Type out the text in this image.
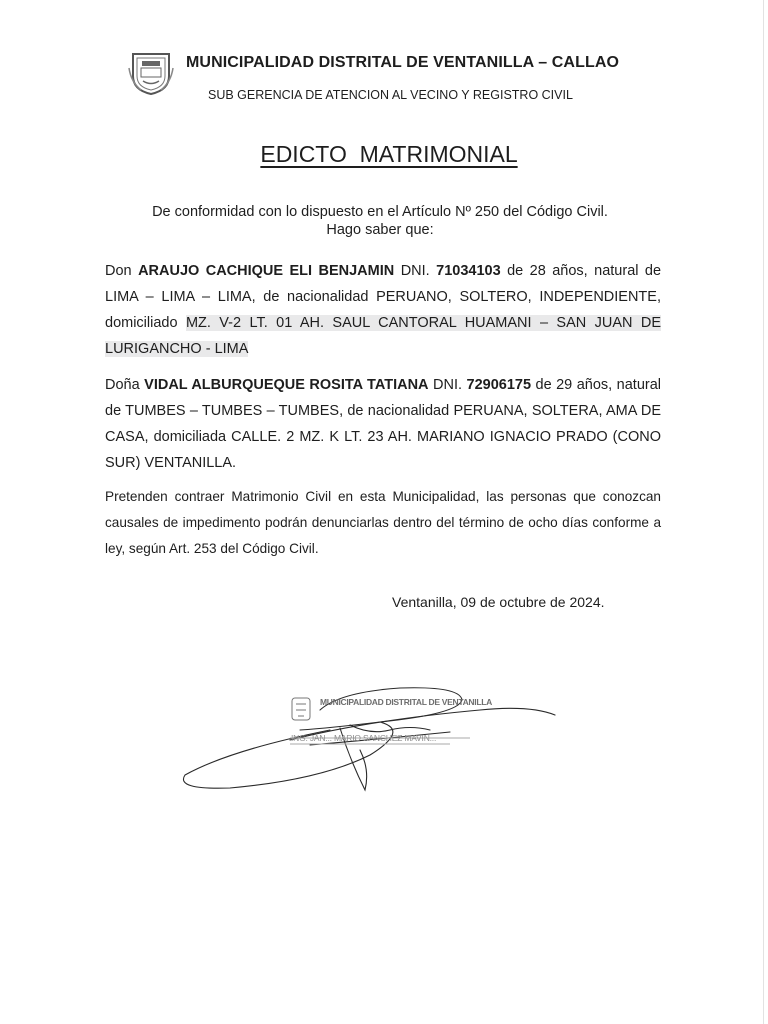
MUNICIPALIDAD DISTRITAL DE VENTANILLA – CALLAO
SUB GERENCIA DE ATENCION AL VECINO Y REGISTRO CIVIL
EDICTO  MATRIMONIAL
De conformidad con lo dispuesto en el Artículo Nº 250 del Código Civil.
Hago saber que:
Don ARAUJO CACHIQUE ELI BENJAMIN DNI. 71034103 de 28 años, natural de LIMA – LIMA – LIMA, de nacionalidad PERUANO, SOLTERO, INDEPENDIENTE, domiciliado MZ. V-2 LT. 01 AH. SAUL CANTORAL HUAMANI – SAN JUAN DE LURIGANCHO - LIMA
Doña VIDAL ALBURQUEQUE ROSITA TATIANA DNI. 72906175 de 29 años, natural de TUMBES – TUMBES – TUMBES, de nacionalidad PERUANA, SOLTERA, AMA DE CASA, domiciliada CALLE. 2 MZ. K LT. 23 AH. MARIANO IGNACIO PRADO (CONO SUR) VENTANILLA.
Pretenden contraer Matrimonio Civil en esta Municipalidad, las personas que conozcan causales de impedimento podrán denunciarlas dentro del término de ocho días conforme a ley, según Art. 253 del Código Civil.
Ventanilla, 09 de octubre de 2024.
MUNICIPALIDAD DISTRITAL DE VENTANILLA
ING. JAN... MARIO SANCHEZ MAVIN...
